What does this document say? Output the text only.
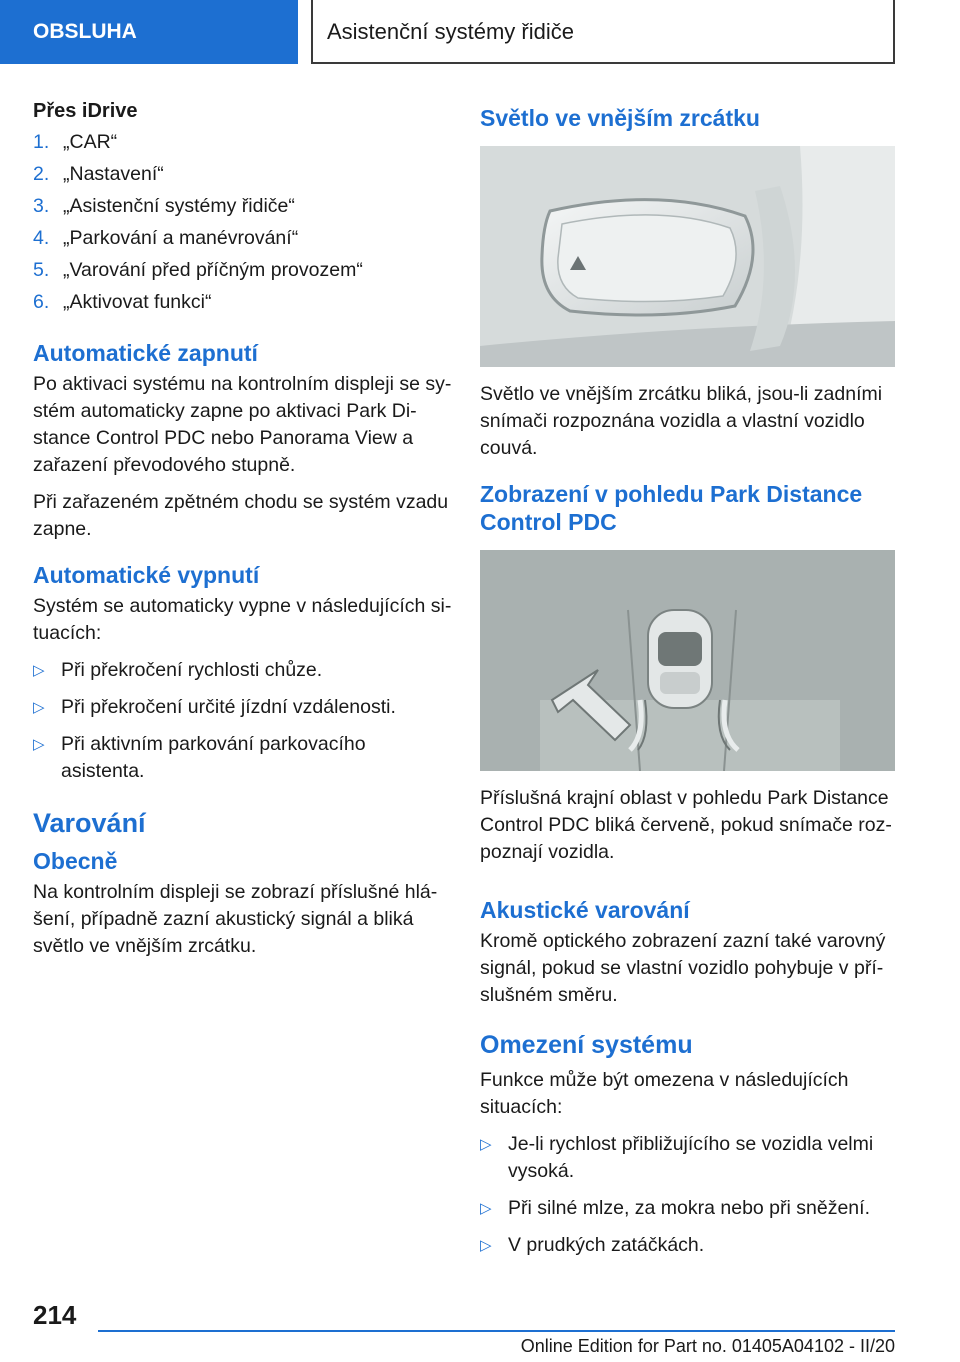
OBSLUHA	Asistenční systémy řidiče

Přes iDrive

1. „CAR“
2. „Nastavení“
3. „Asistenční systémy řidiče“
4. „Parkování a manévrování“
5. „Varování před příčným provozem“
6. „Aktivovat funkci“
Automatické zapnutí

Po aktivaci systému na kontrolním displeji se systém automaticky zapne po aktivaci Park Distance Control PDC nebo Panorama View a zařazení převodového stupně.

Při zařazeném zpětném chodu se systém vzadu zapne.

Automatické vypnutí

Systém se automaticky vypne v následujících situacích:

▷ Při překročení rychlosti chůze.
▷ Při překročení určité jízdní vzdálenosti.
▷ Při aktivním parkování parkovacího asistenta.
Varování
Obecně

Na kontrolním displeji se zobrazí příslušné hlášení, případně zazní akustický signál a bliká světlo ve vnějším zrcátku.

Světlo ve vnějším zrcátku

Světlo ve vnějším zrcátku bliká, jsou-li zadními snímači rozpoznána vozidla a vlastní vozidlo couvá.

Zobrazení v pohledu Park Distance Control PDC

Příslušná krajní oblast v pohledu Park Distance Control PDC bliká červeně, pokud snímače rozpoznají vozidla.

Akustické varování

Kromě optického zobrazení zazní také varovný signál, pokud se vlastní vozidlo pohybuje v příslušném směru.

Omezení systému

Funkce může být omezena v následujících situacích:

▷ Je-li rychlost přibližujícího se vozidla velmi vysoká.
▷ Při silné mlze, za mokra nebo při sněžení.
▷ V prudkých zatáčkách.
214
Online Edition for Part no. 01405A04102 - II/20
